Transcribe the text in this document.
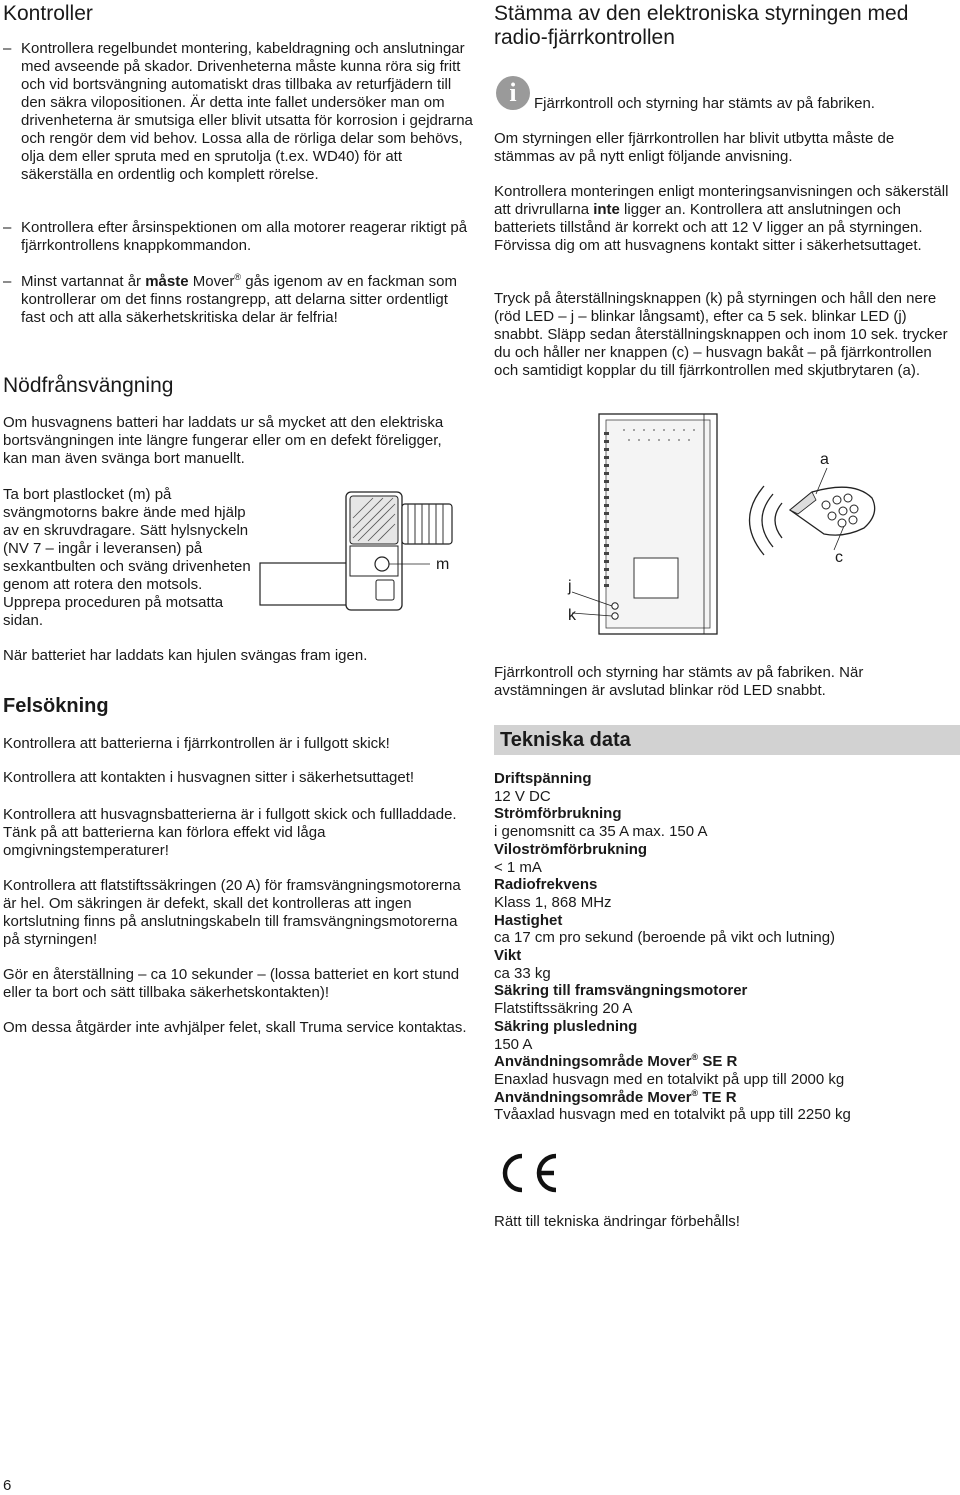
Kontroller

– Kontrollera regelbundet montering, kabeldragning och anslutningar med avseende på skador. Drivenheterna måste kunna röra sig fritt och vid bortsvängning automatiskt dras tillbaka av returfjädern till den säkra vilopositionen. Är detta inte fallet undersöker man om drivenheterna är smutsiga eller blivit utsatta för korrosion i gejdrarna och rengör dem vid behov. Lossa alla de rörliga delar som behövs, olja dem eller spruta med en sprutolja (t.ex. WD40) för att säkerställa en ordentlig och komplett rörelse.

– Kontrollera efter årsinspektionen om alla motorer reagerar riktigt på fjärrkontrollens knappkommandon.

– Minst vartannat år måste Mover® gås igenom av en fackman som kontrollerar om det finns rostangrepp, att delarna sitter ordentligt fast och att alla säkerhetskritiska delar är felfria!

Nödfrånsvängning

Om husvagnens batteri har laddats ur så mycket att den elektriska bortsvängningen inte längre fungerar eller om en defekt föreligger, kan man även svänga bort manuellt.

Ta bort plastlocket (m) på svängmotorns bakre ände med hjälp av en skruvdragare. Sätt hylsnyckeln (NV 7 – ingår i leveransen) på sexkantbulten och sväng drivenheten genom att rotera den motsols. Upprepa proceduren på motsatta sidan.

m

När batteriet har laddats kan hjulen svängas fram igen.

Felsökning

Kontrollera att batterierna i fjärrkontrollen är i fullgott skick!

Kontrollera att kontakten i husvagnen sitter i säkerhetsuttaget!

Kontrollera att husvagnsbatterierna är i fullgott skick och fullladdade. Tänk på att batterierna kan förlora effekt vid låga omgivningstemperaturer!

Kontrollera att flatstiftssäkringen (20 A) för framsvängningsmotorerna är hel. Om säkringen är defekt, skall det kontrolleras att ingen kortslutning finns på anslutningskabeln till framsvängningsmotorerna på styrningen!

Gör en återställning – ca 10 sekunder – (lossa batteriet en kort stund eller ta bort och sätt tillbaka säkerhetskontakten)!

Om dessa åtgärder inte avhjälper felet, skall Truma service kontaktas.

6
Stämma av den elektroniska styrningen med radio-fjärrkontrollen
i	Fjärrkontroll och styrning har stämts av på fabriken.

Om styrningen eller fjärrkontrollen har blivit utbytta måste de stämmas av på nytt enligt följande anvisning.

Kontrollera monteringen enligt monteringsanvisningen och säkerställ att drivrullarna inte ligger an. Kontrollera att anslutningen och batteriets tillstånd är korrekt och att 12 V ligger an på styrningen. Förvissa dig om att husvagnens kontakt sitter i säkerhetsuttaget.

Tryck på återställningsknappen (k) på styrningen och håll den nere (röd LED – j – blinkar långsamt), efter ca 5 sek. blinkar LED (j) snabbt. Släpp sedan återställningsknappen och inom 10 sek. trycker du och håller ner knappen (c) – husvagn bakåt – på fjärrkontrollen och samtidigt kopplar du till fjärrkontrollen med skjutbrytaren (a).

a
c
j
k

Fjärrkontroll och styrning har stämts av på fabriken. När avstämningen är avslutad blinkar röd LED snabbt.

Tekniska data
Driftspänning
12 V DC
Strömförbrukning
i genomsnitt ca 35 A max. 150 A
Viloströmförbrukning
< 1 mA
Radiofrekvens
Klass 1, 868 MHz
Hastighet
ca 17 cm pro sekund (beroende på vikt och lutning)
Vikt
ca 33 kg
Säkring till framsvängningsmotorer
Flatstiftssäkring 20 A
Säkring plusledning
150 A
Användningsområde Mover® SE R
Enaxlad husvagn med en totalvikt på upp till 2000 kg
Användningsområde Mover® TE R
Tvåaxlad husvagn med en totalvikt på upp till 2250 kg

Rätt till tekniska ändringar förbehålls!
